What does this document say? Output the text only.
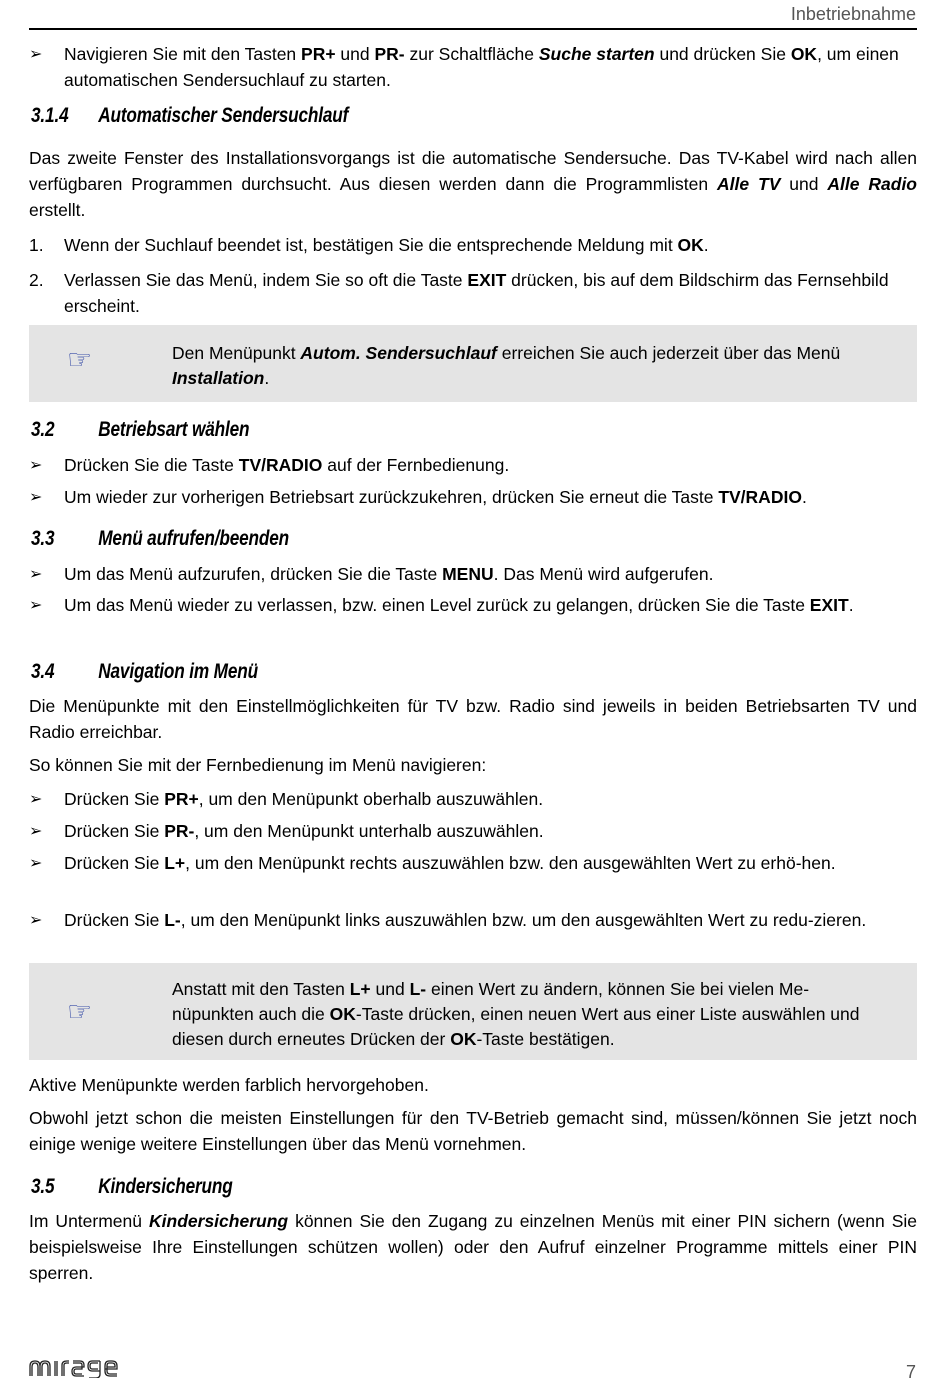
Inbetriebnahme
➢	Navigieren Sie mit den Tasten PR+ und PR- zur Schaltfläche Suche starten und drücken Sie OK, um einen automatischen Sendersuchlauf zu starten.
3.1.4 Automatischer Sendersuchlauf
Das zweite Fenster des Installationsvorgangs ist die automatische Sendersuche. Das TV-Kabel wird nach allen verfügbaren Programmen durchsucht. Aus diesen werden dann die Programmlisten Alle TV und Alle Radio erstellt.
1.	Wenn der Suchlauf beendet ist, bestätigen Sie die entsprechende Meldung mit OK.
2.	Verlassen Sie das Menü, indem Sie so oft die Taste EXIT drücken, bis auf dem Bildschirm das Fernsehbild erscheint.
☞	Den Menüpunkt Autom. Sendersuchlauf erreichen Sie auch jederzeit über das Menü Installation.
3.2 Betriebsart wählen
➢	Drücken Sie die Taste TV/RADIO auf der Fernbedienung.
➢	Um wieder zur vorherigen Betriebsart zurückzukehren, drücken Sie erneut die Taste TV/RADIO.
3.3 Menü aufrufen/beenden
➢	Um das Menü aufzurufen, drücken Sie die Taste MENU. Das Menü wird aufgerufen.
➢	Um das Menü wieder zu verlassen, bzw. einen Level zurück zu gelangen, drücken Sie die Taste EXIT.
3.4 Navigation im Menü
Die Menüpunkte mit den Einstellmöglichkeiten für TV bzw. Radio sind jeweils in beiden Betriebsarten TV und Radio erreichbar.
So können Sie mit der Fernbedienung im Menü navigieren:
➢	Drücken Sie PR+, um den Menüpunkt oberhalb auszuwählen.
➢	Drücken Sie PR-, um den Menüpunkt unterhalb auszuwählen.
➢	Drücken Sie L+, um den Menüpunkt rechts auszuwählen bzw. den ausgewählten Wert zu erhö-hen.
➢	Drücken Sie L-, um den Menüpunkt links auszuwählen bzw. um den ausgewählten Wert zu redu-zieren.
☞
Anstatt mit den Tasten L+ und L- einen Wert zu ändern, können Sie bei vielen Me-nüpunkten auch die OK-Taste drücken, einen neuen Wert aus einer Liste auswählen und diesen durch erneutes Drücken der OK-Taste bestätigen.
Aktive Menüpunkte werden farblich hervorgehoben.
Obwohl jetzt schon die meisten Einstellungen für den TV-Betrieb gemacht sind, müssen/können Sie jetzt noch einige wenige weitere Einstellungen über das Menü vornehmen.
3.5 Kindersicherung
Im Untermenü Kindersicherung können Sie den Zugang zu einzelnen Menüs mit einer PIN sichern (wenn Sie beispielsweise Ihre Einstellungen schützen wollen) oder den Aufruf einzelner Programme mittels einer PIN sperren.
7
